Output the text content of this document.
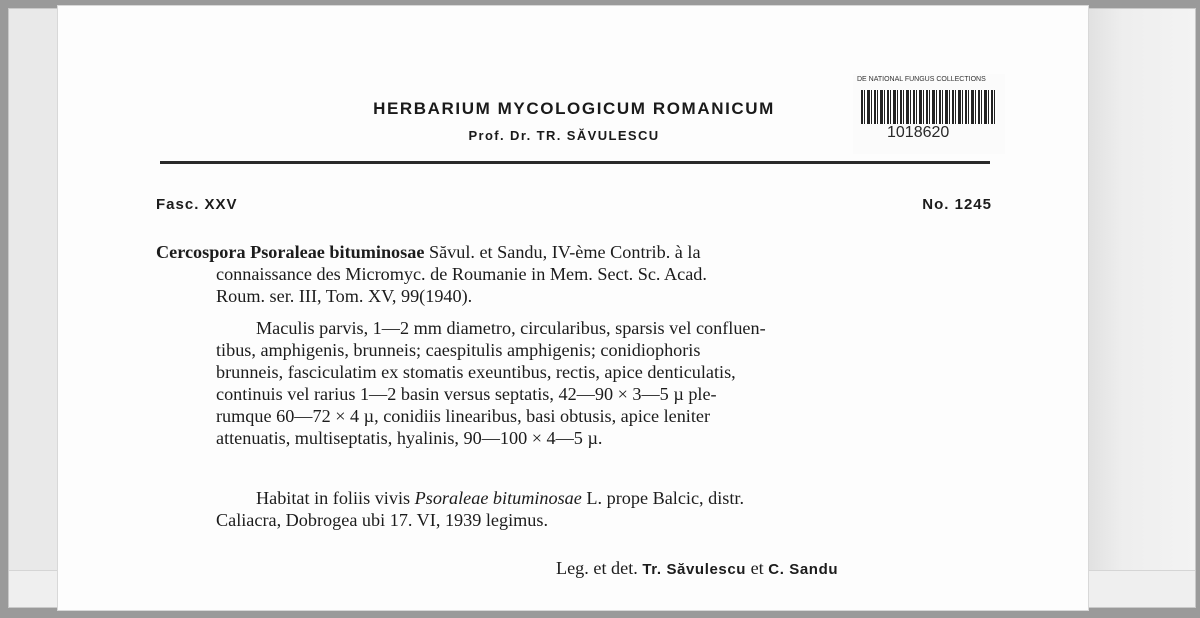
HERBARIUM MYCOLOGICUM ROMANICUM
Prof. Dr. TR. SĂVULESCU
DE NATIONAL FUNGUS COLLECTIONS
1018620
Fasc. XXV	No. 1245
Cercospora Psoraleae bituminosae Săvul. et Sandu, IV-ème Contrib. à la
connaissance des Micromyc. de Roumanie in Mem. Sect. Sc. Acad.
Roum. ser. III, Tom. XV, 99(1940).
Maculis parvis, 1—2 mm diametro, circularibus, sparsis vel confluen-
tibus, amphigenis, brunneis; caespitulis amphigenis; conidiophoris
brunneis, fasciculatim ex stomatis exeuntibus, rectis, apice denticulatis,
continuis vel rarius 1—2 basin versus septatis, 42—90 × 3—5 µ ple-
rumque 60—72 × 4 µ, conidiis linearibus, basi obtusis, apice leniter
attenuatis, multiseptatis, hyalinis, 90—100 × 4—5 µ.
Habitat in foliis vivis Psoraleae bituminosae L. prope Balcic, distr.
Caliacra, Dobrogea ubi 17. VI, 1939 legimus.
Leg. et det. Tr. Săvulescu et C. Sandu
